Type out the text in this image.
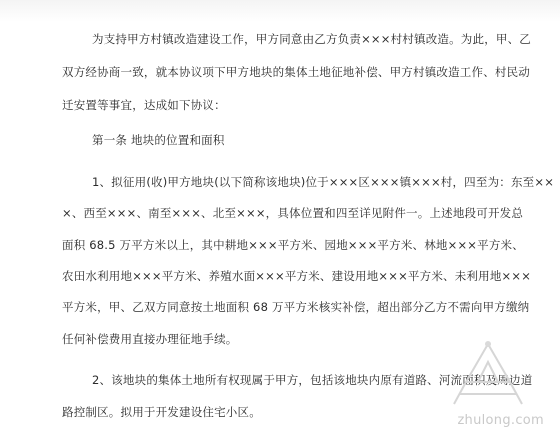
为支持甲方村镇改造建设工作，甲方同意由乙方负责×××村村镇改造。为此，甲、乙
双方经协商一致，就本协议项下甲方地块的集体土地征地补偿、甲方村镇改造工作、村民动
迁安置等事宜，达成如下协议：
第一条 地块的位置和面积
1、拟征用(收)甲方地块(以下简称该地块)位于×××区×××镇×××村，四至为：东至××
×、西至×××、南至×××、北至×××，具体位置和四至详见附件一。上述地段可开发总
面积 68.5 万平方米以上，其中耕地×××平方米、园地×××平方米、林地×××平方米、
农田水利用地×××平方米、养殖水面×××平方米、建设用地×××平方米、未利用地×××
平方米，甲、乙双方同意按土地面积 68 万平方米核实补偿，超出部分乙方不需向甲方缴纳
任何补偿费用直接办理征地手续。
2、该地块的集体土地所有权现属于甲方，包括该地块内原有道路、河流面积及周边道
路控制区。拟用于开发建设住宅小区。
zhulong.com
